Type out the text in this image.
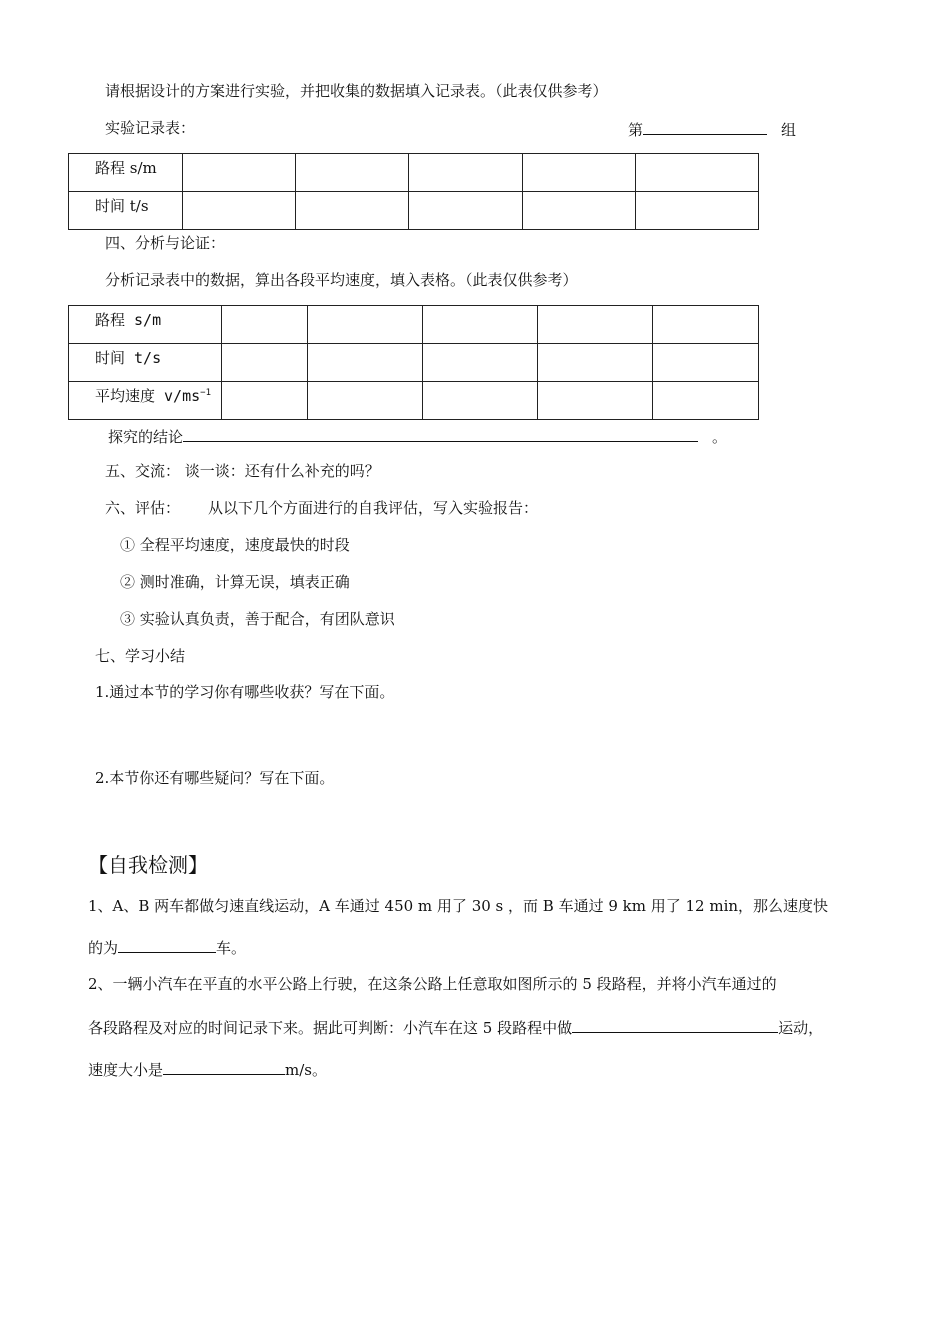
请根据设计的方案进行实验，并把收集的数据填入记录表。（此表仅供参考）
实验记录表：	第	组
路程 s/m					
时间 t/s					
四、分析与论证：
分析记录表中的数据，算出各段平均速度，填入表格。（此表仅供参考）
路程 s/m					
时间 t/s					
平均速度 $v/ms^{-1}$					
探究的结论	。
五、交流： 谈一谈：还有什么补充的吗？
六、评估： 从以下几个方面进行的自我评估，写入实验报告：
① 全程平均速度，速度最快的时段
② 测时准确，计算无误，填表正确
③ 实验认真负责，善于配合，有团队意识
七、学习小结
1.通过本节的学习你有哪些收获？写在下面。
2.本节你还有哪些疑问？写在下面。
【自我检测】
1、A、B 两车都做匀速直线运动，A 车通过 450 m 用了 30 s ，而 B 车通过 9 km 用了 12 min，那么速度快
的为	车。
2、一辆小汽车在平直的水平公路上行驶，在这条公路上任意取如图所示的 5 段路程，并将小汽车通过的
各段路程及对应的时间记录下来。据此可判断：小汽车在这 5 段路程中做	运动，
速度大小是	m/s。
